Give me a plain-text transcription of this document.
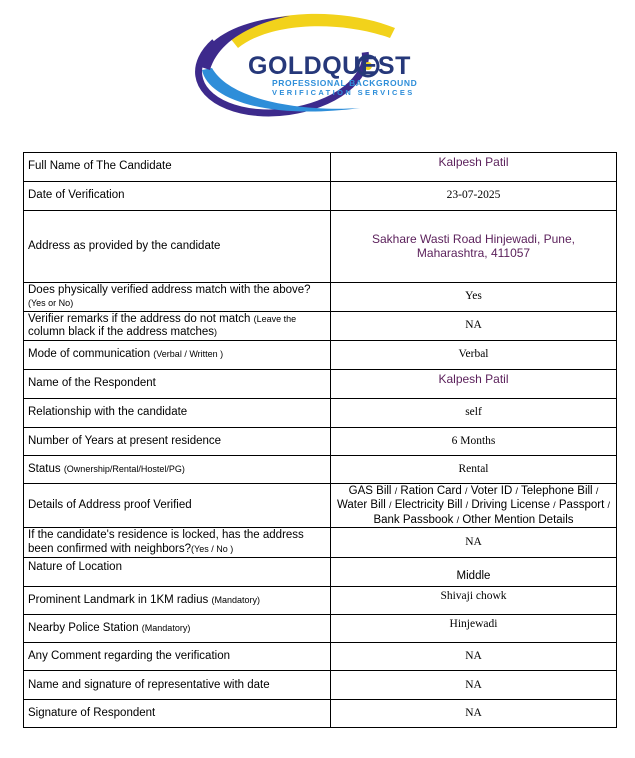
GOLDQUEST
PROFESSIONAL BACKGROUND
VERIFICATION SERVICES
Full Name of The Candidate	Kalpesh Patil
Date of Verification	23-07-2025
Address as provided by the candidate	Sakhare Wasti Road Hinjewadi, Pune, Maharashtra, 411057
Does physically verified address match with the above?
(Yes or No)	Yes
Verifier remarks if the address do not match (Leave the
column black if the address matches)	NA
Mode of communication (Verbal / Written )	Verbal
Name of the Respondent	Kalpesh Patil
Relationship with the candidate	self
Number of Years at present residence	6 Months
Status (Ownership/Rental/Hostel/PG)	Rental
Details of Address proof Verified	GAS Bill / Ration Card / Voter ID / Telephone Bill /
Water Bill / Electricity Bill / Driving License / Passport /
Bank Passbook / Other Mention Details
If the candidate's residence is locked, has the address
been confirmed with neighbors?(Yes / No )	NA
Nature of Location	Middle
Prominent Landmark in 1KM radius (Mandatory)	Shivaji chowk
Nearby Police Station (Mandatory)	Hinjewadi
Any Comment regarding the verification	NA
Name and signature of representative with date	NA
Signature of Respondent	NA
